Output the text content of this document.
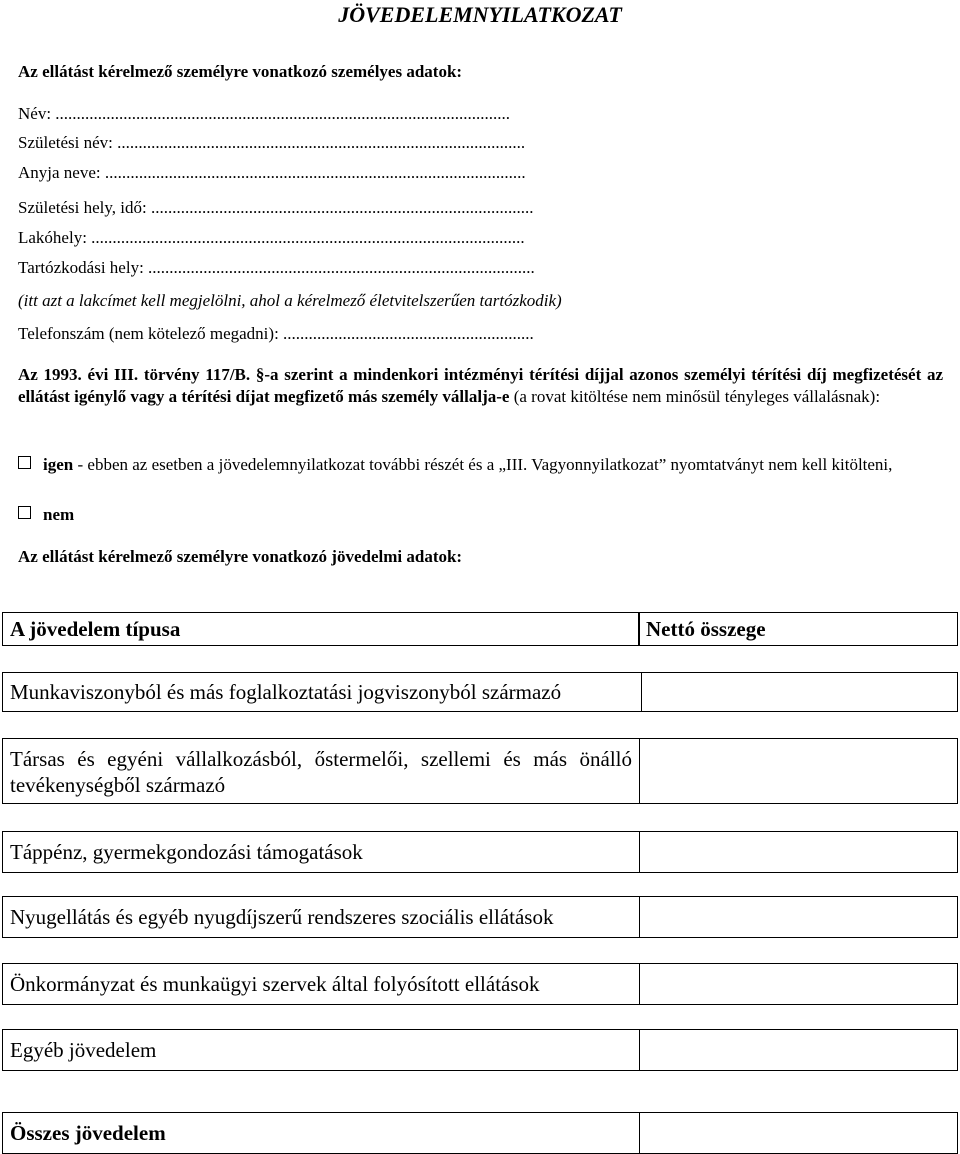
JÖVEDELEMNYILATKOZAT
Az ellátást kérelmező személyre vonatkozó személyes adatok:
Név: ...........................................................................................................
Születési név: ................................................................................................
Anyja neve: ...................................................................................................
Születési hely, idő: ..........................................................................................
Lakóhely: ......................................................................................................
Tartózkodási hely: ...........................................................................................
(itt azt a lakcímet kell megjelölni, ahol a kérelmező életvitelszerűen tartózkodik)
Telefonszám (nem kötelező megadni): ...........................................................
Az 1993. évi III. törvény 117/B. §-a szerint a mindenkori intézményi térítési díjjal azonos személyi térítési díj megfizetését az ellátást igénylő vagy a térítési díjat megfizető más személy vállalja-e (a rovat kitöltése nem minősül tényleges vállalásnak):
igen - ebben az esetben a jövedelemnyilatkozat további részét és a „III. Vagyonnyilatkozat” nyomtatványt nem kell kitölteni,
nem
Az ellátást kérelmező személyre vonatkozó jövedelmi adatok:
A jövedelem típusa	Nettó összege
Munkaviszonyból és más foglalkoztatási jogviszonyból származó
Társas és egyéni vállalkozásból, őstermelői, szellemi és más önálló tevékenységből származó
Táppénz, gyermekgondozási támogatások
Nyugellátás és egyéb nyugdíjszerű rendszeres szociális ellátások
Önkormányzat és munkaügyi szervek által folyósított ellátások
Egyéb jövedelem
Összes jövedelem
